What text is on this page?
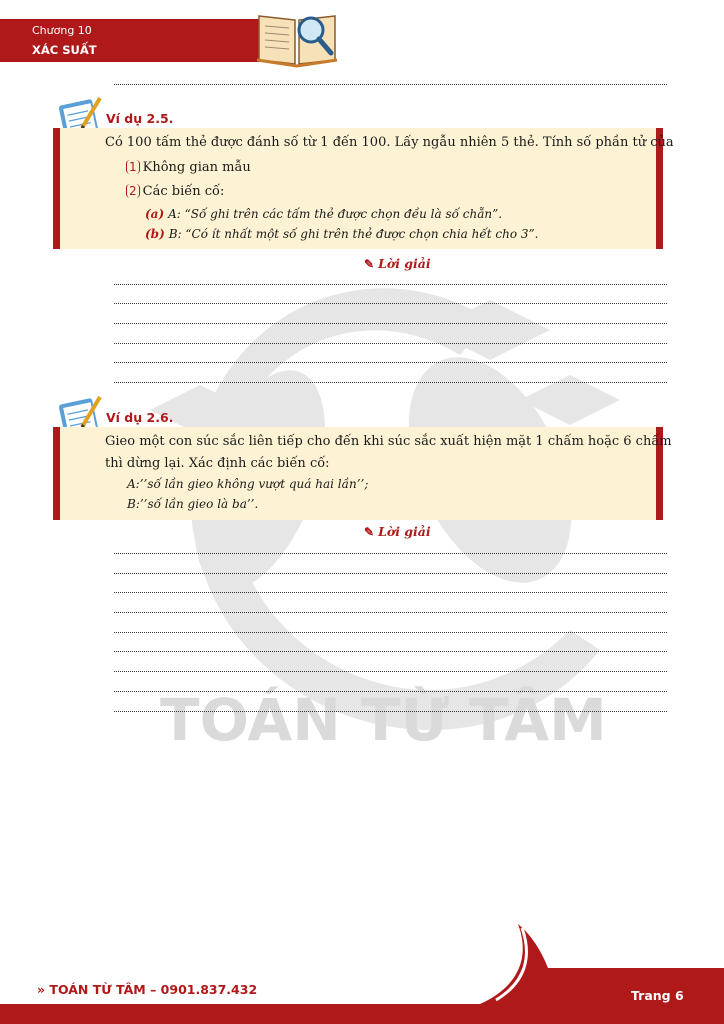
TOÁN TỪ TÂM
Chương 10
XÁC SUẤT
Ví dụ 2.5.
Có 100 tấm thẻ được đánh số từ 1 đến 100. Lấy ngẫu nhiên 5 thẻ. Tính số phần tử của
1 Không gian mẫu
2 Các biến cố:
(a) A: “Số ghi trên các tấm thẻ được chọn đều là số chẵn”.
(b) B: “Có ít nhất một số ghi trên thẻ được chọn chia hết cho 3”.
✎ Lời giải
Ví dụ 2.6.
Gieo một con súc sắc liên tiếp cho đến khi súc sắc xuất hiện mặt 1 chấm hoặc 6 chấm
thì dừng lại. Xác định các biến cố:
A:’’số lần gieo không vượt quá hai lần’’;
B:’’số lần gieo là ba’’.
✎ Lời giải
» TOÁN TỪ TÂM – 0901.837.432	Trang 6
